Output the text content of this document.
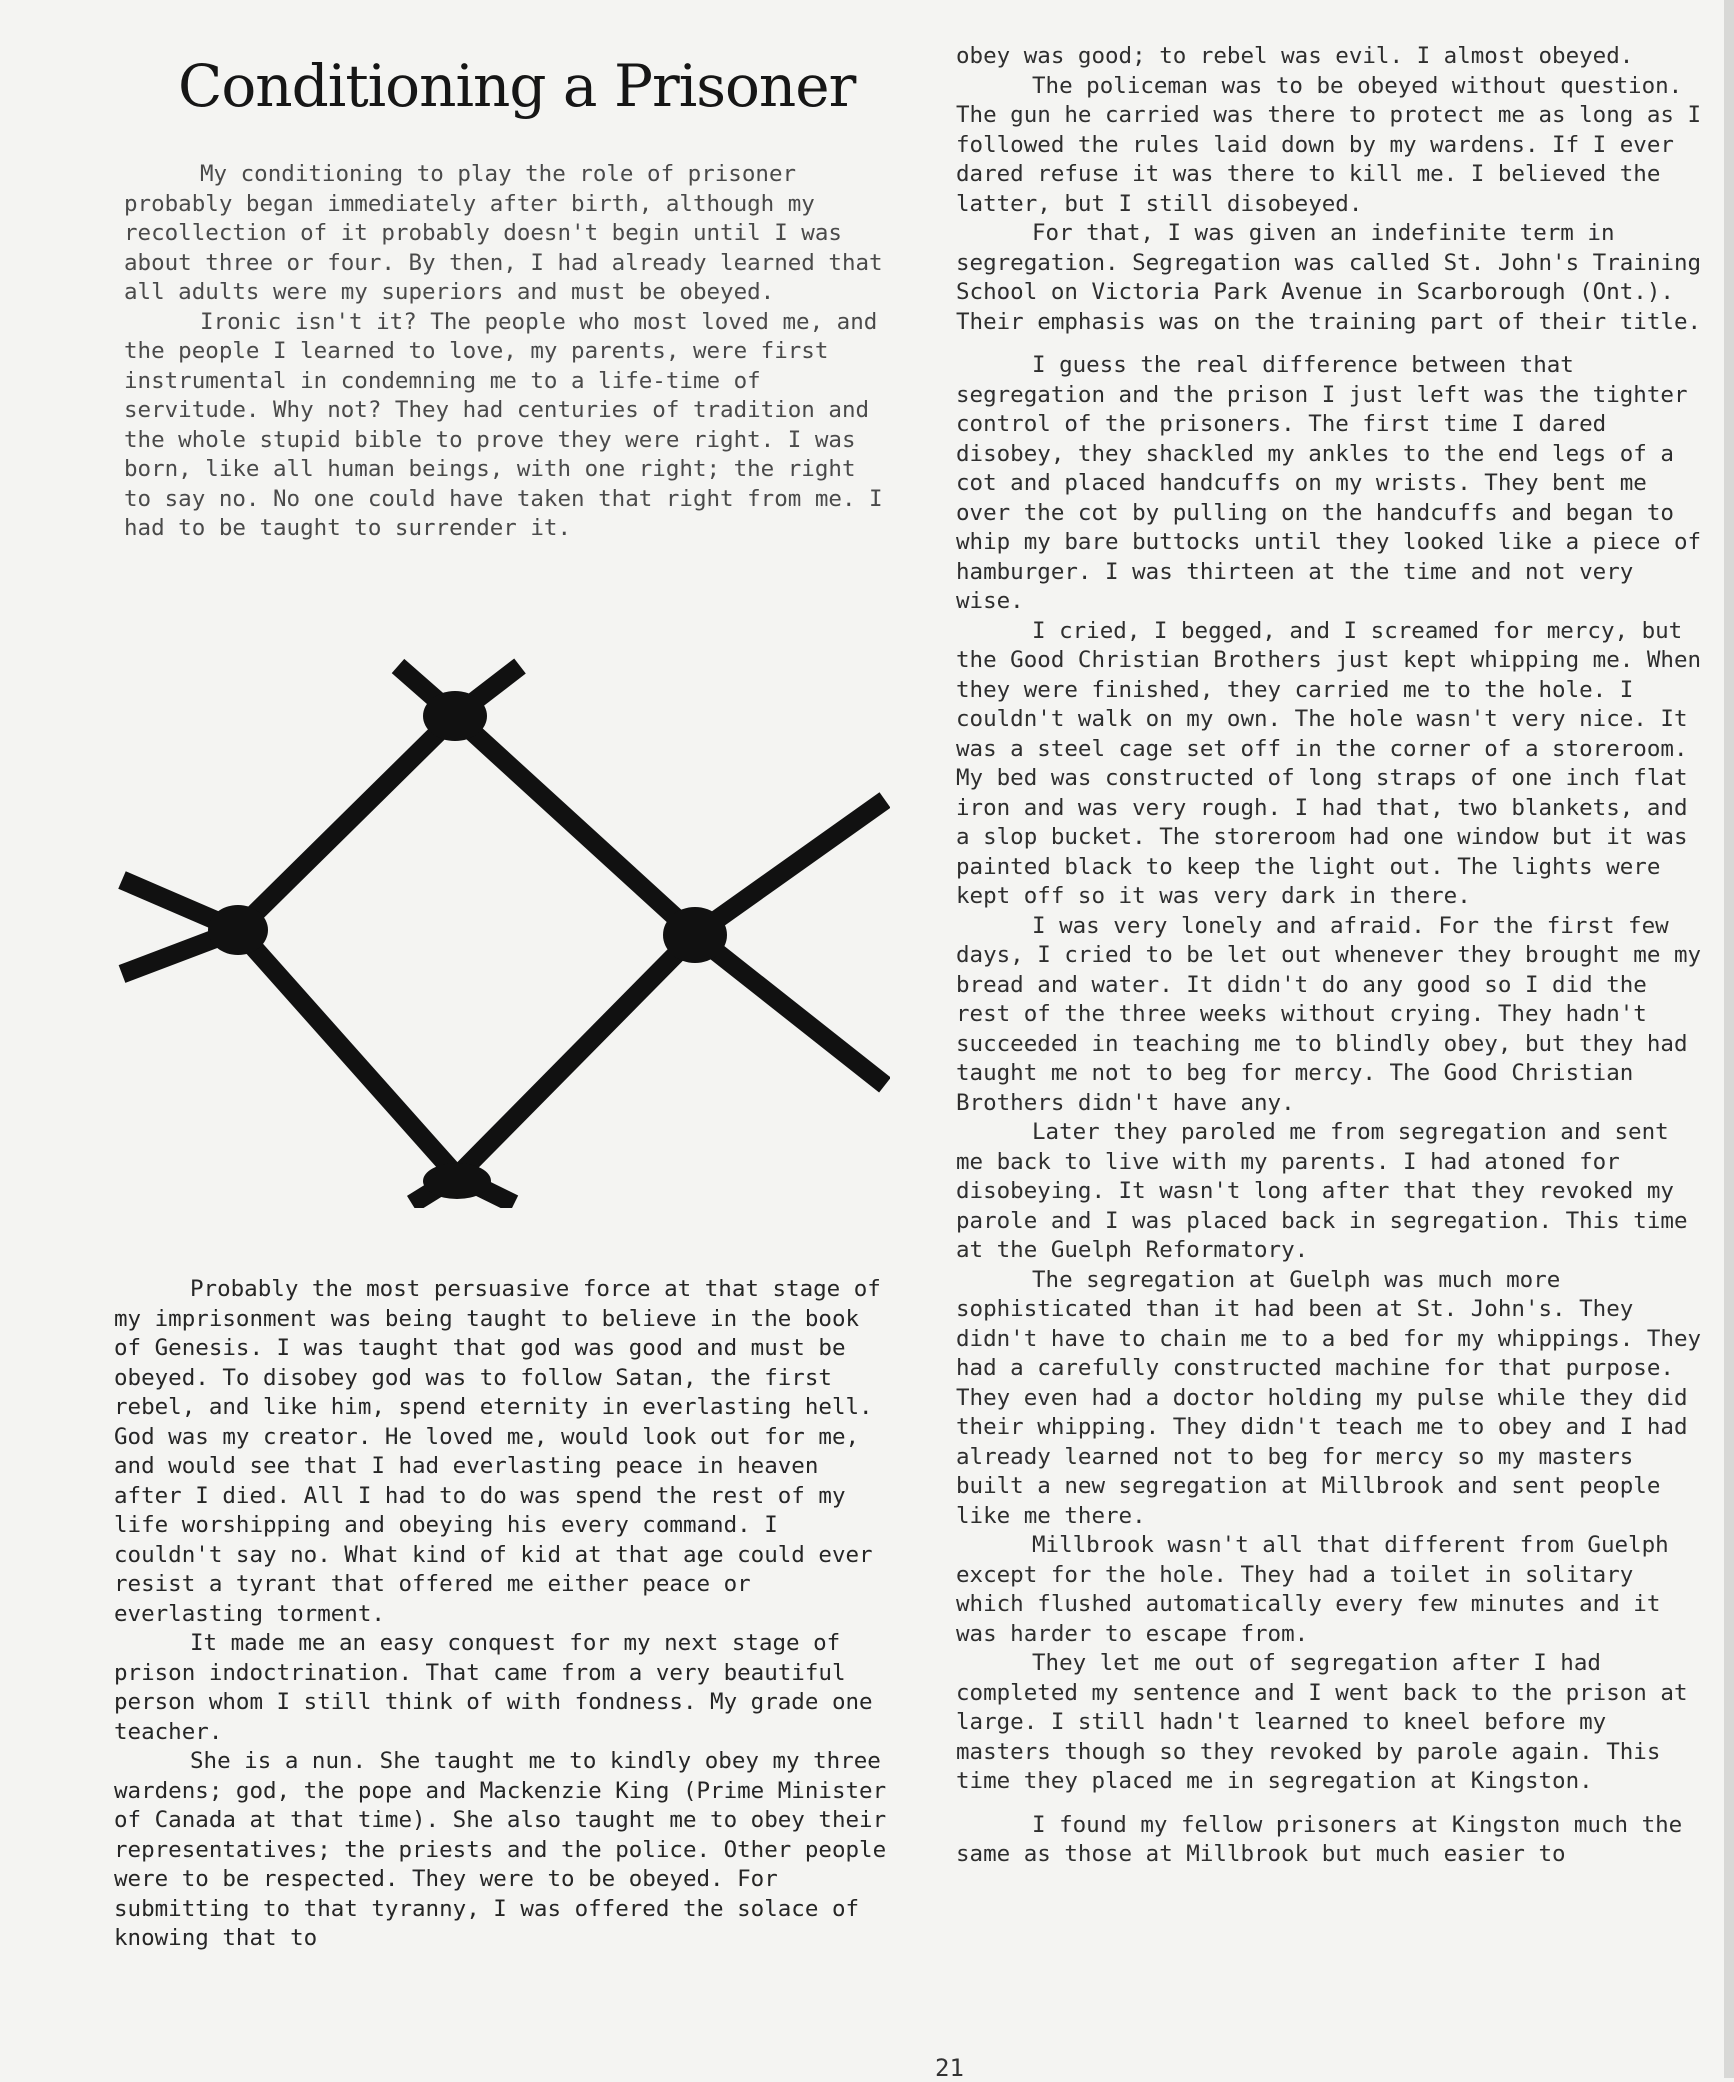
Conditioning a Prisoner

My conditioning to play the role of prisoner probably began immediately after birth, although my recollection of it probably doesn't begin until I was about three or four. By then, I had already learned that all adults were my superiors and must be obeyed.

Ironic isn't it? The people who most loved me, and the people I learned to love, my parents, were first instrumental in condemning me to a life-time of servitude. Why not? They had centuries of tradition and the whole stupid bible to prove they were right. I was born, like all human beings, with one right; the right to say no. No one could have taken that right from me. I had to be taught to surrender it.

Probably the most persuasive force at that stage of my imprisonment was being taught to believe in the book of Genesis. I was taught that god was good and must be obeyed. To disobey god was to follow Satan, the first rebel, and like him, spend eternity in everlasting hell. God was my creator. He loved me, would look out for me, and would see that I had everlasting peace in heaven after I died. All I had to do was spend the rest of my life worshipping and obeying his every command. I couldn't say no. What kind of kid at that age could ever resist a tyrant that offered me either peace or everlasting torment.

It made me an easy conquest for my next stage of prison indoctrination. That came from a very beautiful person whom I still think of with fondness. My grade one teacher.

She is a nun. She taught me to kindly obey my three wardens; god, the pope and Mackenzie King (Prime Minister of Canada at that time). She also taught me to obey their representatives; the priests and the police. Other people were to be respected. They were to be obeyed. For submitting to that tyranny, I was offered the solace of knowing that to

obey was good; to rebel was evil. I almost obeyed.

The policeman was to be obeyed without question. The gun he carried was there to protect me as long as I followed the rules laid down by my wardens. If I ever dared refuse it was there to kill me. I believed the latter, but I still disobeyed.

For that, I was given an indefinite term in segregation. Segregation was called St. John's Training School on Victoria Park Avenue in Scarborough (Ont.). Their emphasis was on the training part of their title.

I guess the real difference between that segregation and the prison I just left was the tighter control of the prisoners. The first time I dared disobey, they shackled my ankles to the end legs of a cot and placed handcuffs on my wrists. They bent me over the cot by pulling on the handcuffs and began to whip my bare buttocks until they looked like a piece of hamburger. I was thirteen at the time and not very wise.

I cried, I begged, and I screamed for mercy, but the Good Christian Brothers just kept whipping me. When they were finished, they carried me to the hole. I couldn't walk on my own. The hole wasn't very nice. It was a steel cage set off in the corner of a storeroom. My bed was constructed of long straps of one inch flat iron and was very rough. I had that, two blankets, and a slop bucket. The storeroom had one window but it was painted black to keep the light out. The lights were kept off so it was very dark in there.

I was very lonely and afraid. For the first few days, I cried to be let out whenever they brought me my bread and water. It didn't do any good so I did the rest of the three weeks without crying. They hadn't succeeded in teaching me to blindly obey, but they had taught me not to beg for mercy. The Good Christian Brothers didn't have any.

Later they paroled me from segregation and sent me back to live with my parents. I had atoned for disobeying. It wasn't long after that they revoked my parole and I was placed back in segregation. This time at the Guelph Reformatory.

The segregation at Guelph was much more sophisticated than it had been at St. John's. They didn't have to chain me to a bed for my whippings. They had a carefully constructed machine for that purpose. They even had a doctor holding my pulse while they did their whipping. They didn't teach me to obey and I had already learned not to beg for mercy so my masters built a new segregation at Millbrook and sent people like me there.

Millbrook wasn't all that different from Guelph except for the hole. They had a toilet in solitary which flushed automatically every few minutes and it was harder to escape from.

They let me out of segregation after I had completed my sentence and I went back to the prison at large. I still hadn't learned to kneel before my masters though so they revoked by parole again. This time they placed me in segregation at Kingston.

I found my fellow prisoners at Kingston much the same as those at Millbrook but much easier to

21
